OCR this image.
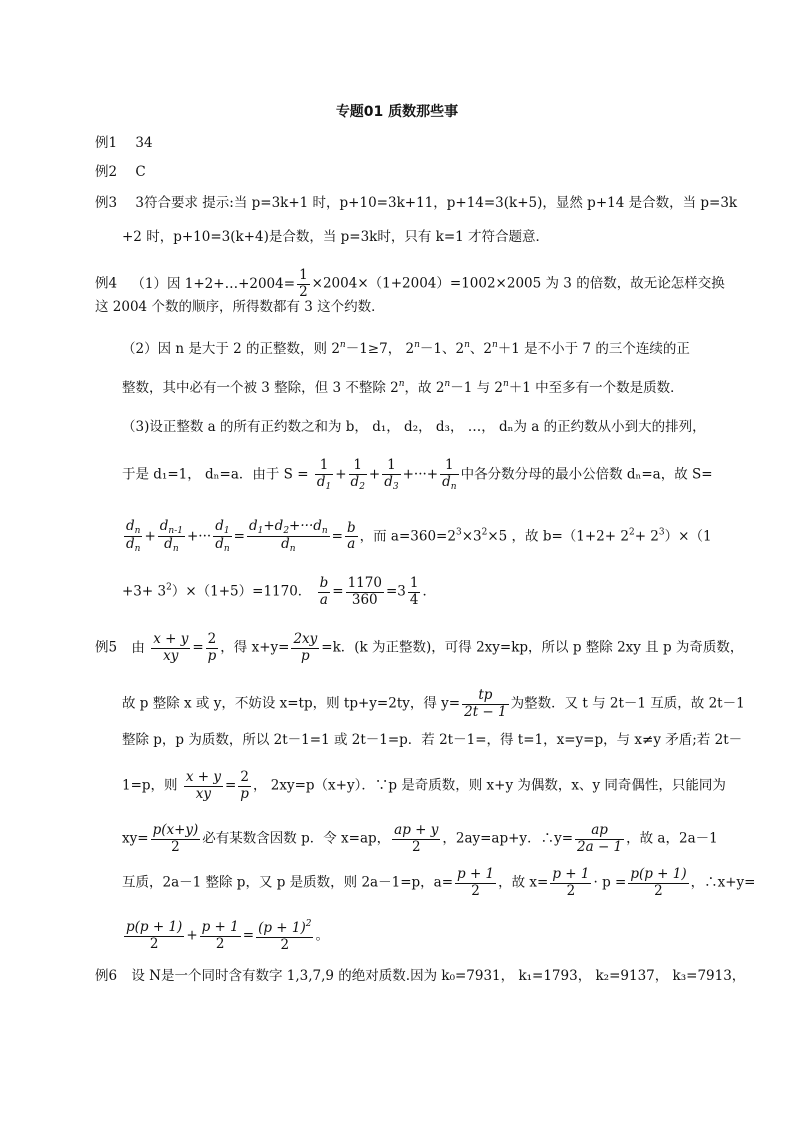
专题01 质数那些事
例1 34
例2 C
例3 3符合要求 提示:当 p=3k+1 时，p+10=3k+11，p+14=3(k+5)，显然 p+14 是合数，当 p=3k
+2 时，p+10=3(k+4)是合数，当 p=3k时，只有 k=1 才符合题意．
例4 （1）因 1+2+…+2004= $\frac{1}{2} \times 2004\times(1+2004)=1002\times 2005$ 为 3 的倍数，故无论怎样交换
这 2004 个数的顺序，所得数都有 3 这个约数．
（2）因 n 是大于 2 的正整数，则 $2^n-1\ge 7$， $2^n-1$、2$^n$、$2^n+1$ 是不小于 7 的三个连续的正
整数，其中必有一个被 3 整除，但 3 不整除 2$^n$，故 $2^n-1$ 与 $2^n+1$ 中至多有一个数是质数．
（3)设正整数 a 的所有正约数之和为 b， d₁， d₂， d₃， …， dₙ为 a 的正约数从小到大的排列，
于是 d₁=1， dₙ=a．由于 $S = \frac{1}{d_1} + \frac{1}{d_2} + \frac{1}{d_3}$ +···+ $\frac{1}{d_n}$ 中各分数分母的最小公倍数 dₙ=a，故 S=
$\frac{d_n}{d_n} + \frac{d_{n-1}}{d_n}$ +··· $\frac{d_1}{d_n} = \frac{d_1+d_2+\cdot\cdot\cdot d_n}{d_n} = \frac{b}{a}$ ，而 $a=360=2^3\times 3^2\times 5$ ，故 $b=(1+2+ 2^2+ 2^3)\times(1$
$+3+ 3^2)\times(1+5)=1170$． $\frac{b}{a} = \frac{1170}{360} =3 \frac{1}{4}$ ．
例5 由 $\frac{x + y}{xy} = \frac{2}{p}$ ，得 $x+y= \frac{2xy}{p} =k$．(k 为正整数)，可得 2xy=kp，所以 p 整除 2xy 且 p 为奇质数，
故 p 整除 x 或 y，不妨设 x=tp，则 tp+y=2ty，得 $y= \frac{tp}{2t - 1}$ 为整数．又 t 与 2t－1 互质，故 2t－1
整除 p，p 为质数，所以 2t－1=1 或 2t－1=p．若 2t－1=，得 t=1，x=y=p，与 x≠y 矛盾;若 2t－
1=p，则 $\frac{x + y}{xy} = \frac{2}{p}$ ， 2xy=p（x+y）．∵p 是奇质数，则 x+y 为偶数，x、y 同奇偶性，只能同为
$xy= \frac{p(x+y)}{2}$ 必有某数含因数 p．令 x=ap， $\frac{ap + y}{2}$ ，2ay=ap+y．∴y= $\frac{ap}{2a - 1}$ ，故 a，2a－1
互质，2a－1 整除 p，又 p 是质数，则 2a－1=p，$a= \frac{p + 1}{2}$ ，故 $x= \frac{p + 1}{2} \cdot p = \frac{p(p + 1)}{2}$ ，∴x+y=
$\frac{p(p + 1)}{2} + \frac{p + 1}{2} = \frac{(p + 1)^2}{2}$ 。
例6 设 N是一个同时含有数字 1,3,7,9 的绝对质数.因为 k₀=7931， k₁=1793， k₂=9137， k₃=7913，
